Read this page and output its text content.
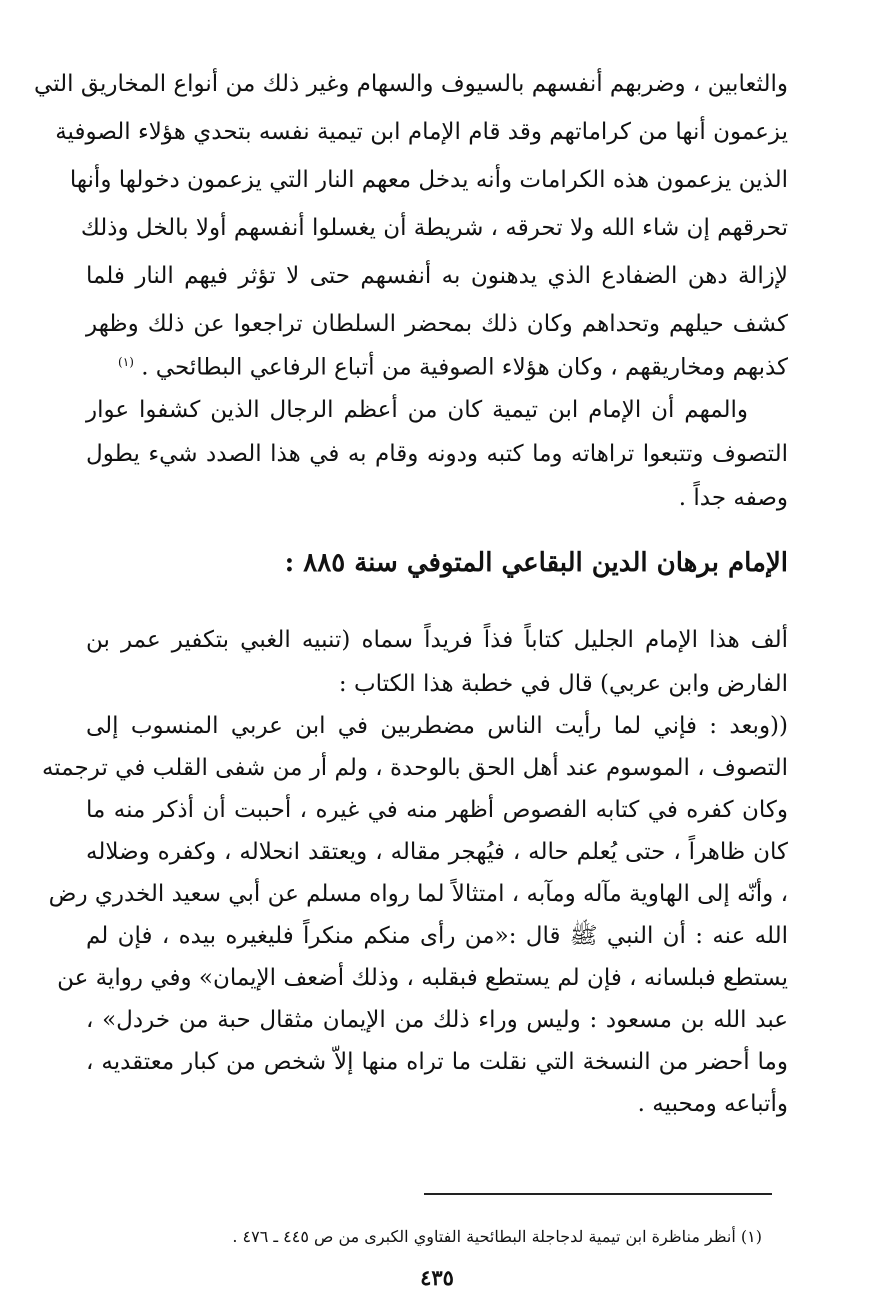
والثعابين ، وضربهم أنفسهم بالسيوف والسهام وغير ذلك من أنواع المخاريق التي
يزعمون أنها من كراماتهم وقد قام الإمام ابن تيمية نفسه بتحدي هؤلاء الصوفية
الذين يزعمون هذه الكرامات وأنه يدخل معهم النار التي يزعمون دخولها وأنها
تحرقهم إن شاء الله ولا تحرقه ، شريطة أن يغسلوا أنفسهم أولا بالخل وذلك
لإزالة دهن الضفادع الذي يدهنون به أنفسهم حتى لا تؤثر فيهم النار فلما
كشف حيلهم وتحداهم وكان ذلك بمحضر السلطان تراجعوا عن ذلك وظهر
كذبهم ومخاريقهم ، وكان هؤلاء الصوفية من أتباع الرفاعي البطائحي . $^{(١)}$
والمهم أن الإمام ابن تيمية كان من أعظم الرجال الذين كشفوا عوار
التصوف وتتبعوا تراهاته وما كتبه ودونه وقام به في هذا الصدد شيء يطول
وصفه جداً .
الإمام برهان الدين البقاعي المتوفي سنة ٨٨٥ :
ألف هذا الإمام الجليل كتاباً فذاً فريداً سماه (تنبيه الغبي بتكفير عمر بن
الفارض وابن عربي) قال في خطبة هذا الكتاب :
((وبعد : فإني لما رأيت الناس مضطربين في ابن عربي المنسوب إلى
التصوف ، الموسوم عند أهل الحق بالوحدة ، ولم أر من شفى القلب في ترجمته
وكان كفره في كتابه الفصوص أظهر منه في غيره ، أحببت أن أذكر منه ما
كان ظاهراً ، حتى يُعلم حاله ، فيُهجر مقاله ، ويعتقد انحلاله ، وكفره وضلاله
، وأنّه إلى الهاوية مآله ومآبه ، امتثالاً لما رواه مسلم عن أبي سعيد الخدري رض
الله عنه : أن النبي ﷺ قال :«من رأى منكم منكراً فليغيره بيده ، فإن لم
يستطع فبلسانه ، فإن لم يستطع فبقلبه ، وذلك أضعف الإيمان» وفي رواية عن
عبد الله بن مسعود : وليس وراء ذلك من الإيمان مثقال حبة من خردل» ،
وما أحضر من النسخة التي نقلت ما تراه منها إلاّ شخص من كبار معتقديه ،
وأتباعه ومحبيه .
(١) أنظر مناظرة ابن تيمية لدجاجلة البطائحية الفتاوي الكبرى من ص ٤٤٥ ـ ٤٧٦ .
٤٣٥
